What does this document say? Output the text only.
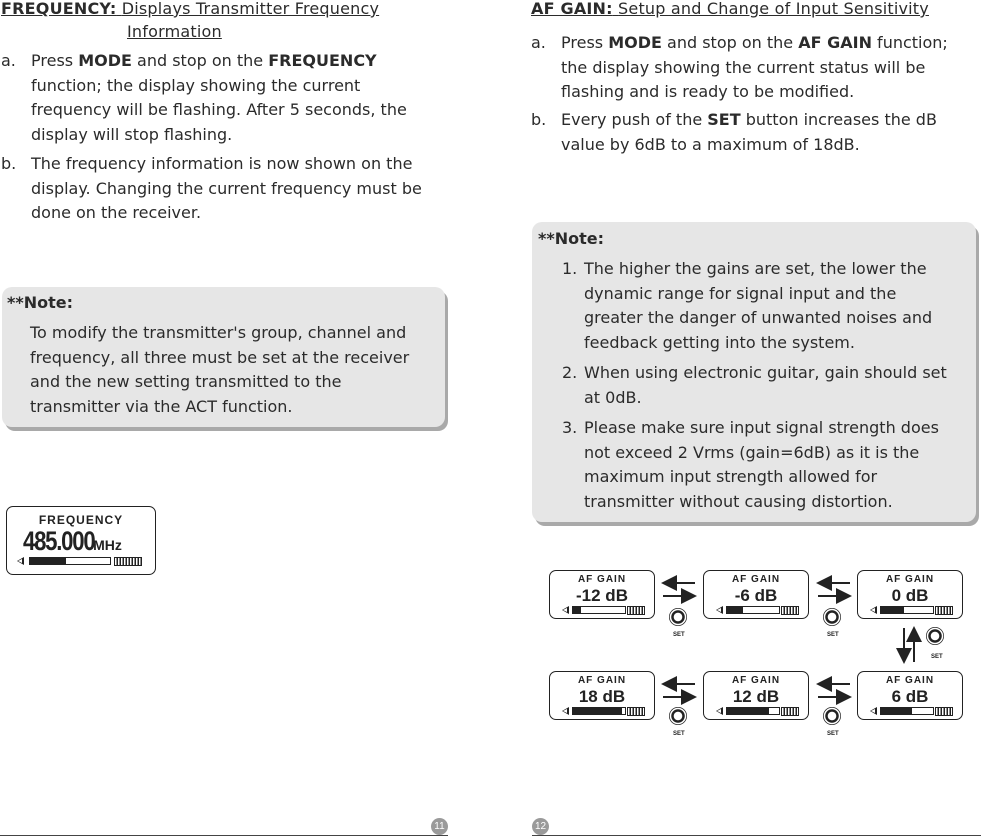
FREQUENCY: Displays Transmitter Frequency
Information
a. Press MODE and stop on the FREQUENCY
function; the display showing the current
frequency will be flashing. After 5 seconds, the
display will stop flashing.
b. The frequency information is now shown on the
display. Changing the current frequency must be
done on the receiver.
**Note:
To modify the transmitter's group, channel and
frequency, all three must be set at the receiver
and the new setting transmitted to the
transmitter via the ACT function.
FREQUENCY
485.000MHz
11
AF GAIN: Setup and Change of Input Sensitivity
a. Press MODE and stop on the AF GAIN function;
the display showing the current status will be
flashing and is ready to be modified.
b. Every push of the SET button increases the dB
value by 6dB to a maximum of 18dB.
**Note:
1. The higher the gains are set, the lower the
dynamic range for signal input and the
greater the danger of unwanted noises and
feedback getting into the system.
2. When using electronic guitar, gain should set
at 0dB.
3. Please make sure input signal strength does
not exceed 2 Vrms (gain=6dB) as it is the
maximum input strength allowed for
transmitter without causing distortion.
AF GAIN
-12 dB
AF GAIN
-6 dB
AF GAIN
0 dB
AF GAIN
18 dB
AF GAIN
12 dB
AF GAIN
6 dB
SET	SET
SET	SET
SET
12
